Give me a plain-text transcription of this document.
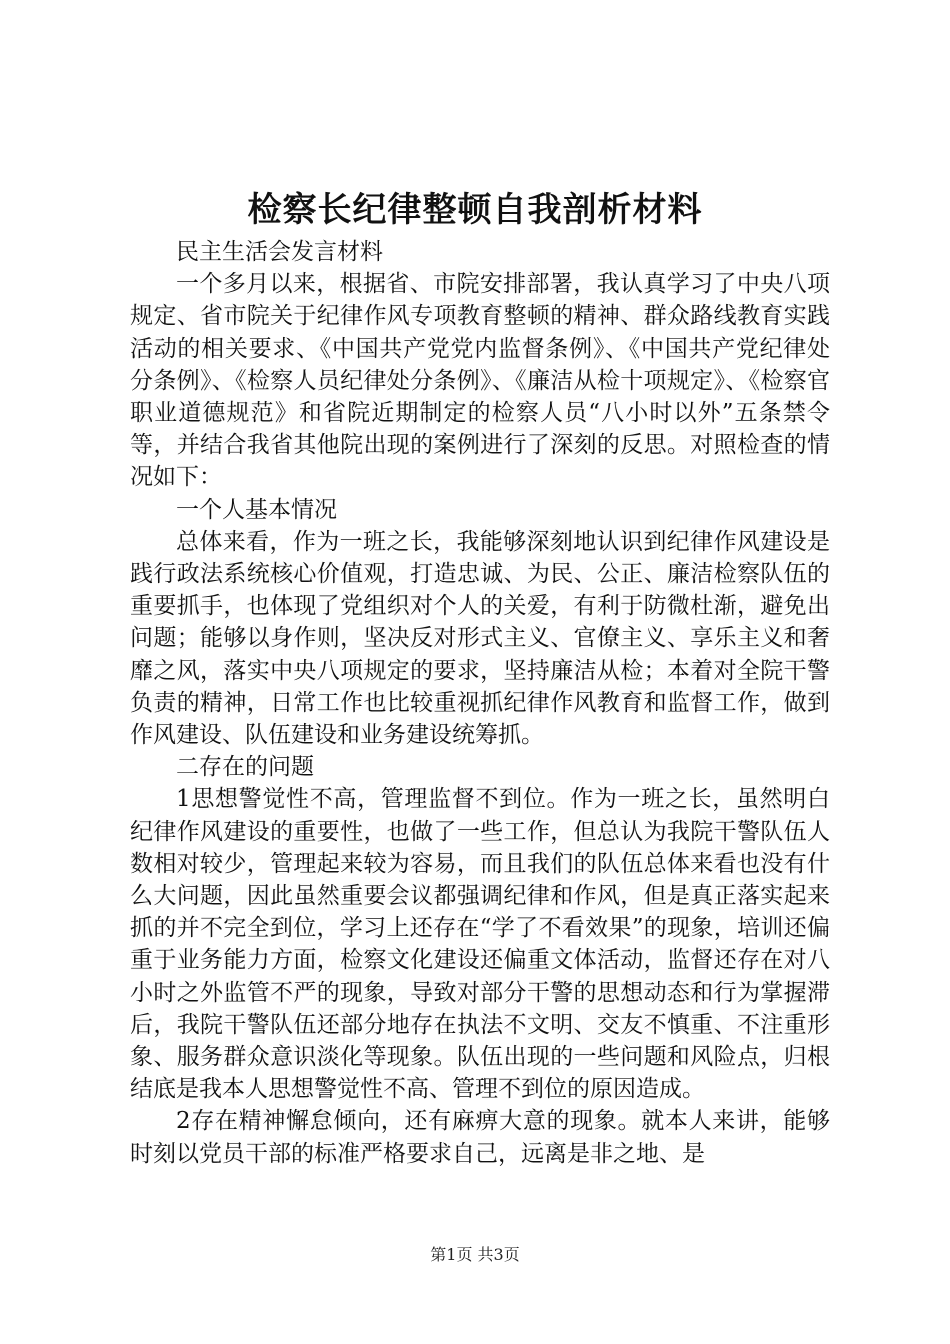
检察长纪律整顿自我剖析材料

民主生活会发言材料

一个多月以来，根据省、市院安排部署，我认真学习了中央八项规定、省市院关于纪律作风专项教育整顿的精神、群众路线教育实践活动的相关要求、《中国共产党党内监督条例》、《中国共产党纪律处分条例》、《检察人员纪律处分条例》、《廉洁从检十项规定》、《检察官职业道德规范》和省院近期制定的检察人员“八小时以外”五条禁令等，并结合我省其他院出现的案例进行了深刻的反思。对照检查的情况如下：

一个人基本情况

总体来看，作为一班之长，我能够深刻地认识到纪律作风建设是践行政法系统核心价值观，打造忠诚、为民、公正、廉洁检察队伍的重要抓手，也体现了党组织对个人的关爱，有利于防微杜渐，避免出问题；能够以身作则，坚决反对形式主义、官僚主义、享乐主义和奢靡之风，落实中央八项规定的要求，坚持廉洁从检；本着对全院干警负责的精神，日常工作也比较重视抓纪律作风教育和监督工作，做到作风建设、队伍建设和业务建设统筹抓。

二存在的问题

1思想警觉性不高，管理监督不到位。作为一班之长，虽然明白纪律作风建设的重要性，也做了一些工作，但总认为我院干警队伍人数相对较少，管理起来较为容易，而且我们的队伍总体来看也没有什么大问题，因此虽然重要会议都强调纪律和作风，但是真正落实起来抓的并不完全到位，学习上还存在“学了不看效果”的现象，培训还偏重于业务能力方面，检察文化建设还偏重文体活动，监督还存在对八小时之外监管不严的现象，导致对部分干警的思想动态和行为掌握滞后，我院干警队伍还部分地存在执法不文明、交友不慎重、不注重形象、服务群众意识淡化等现象。队伍出现的一些问题和风险点，归根结底是我本人思想警觉性不高、管理不到位的原因造成。

2存在精神懈怠倾向，还有麻痹大意的现象。就本人来讲，能够时刻以党员干部的标准严格要求自己，远离是非之地、是

第1页 共3页
